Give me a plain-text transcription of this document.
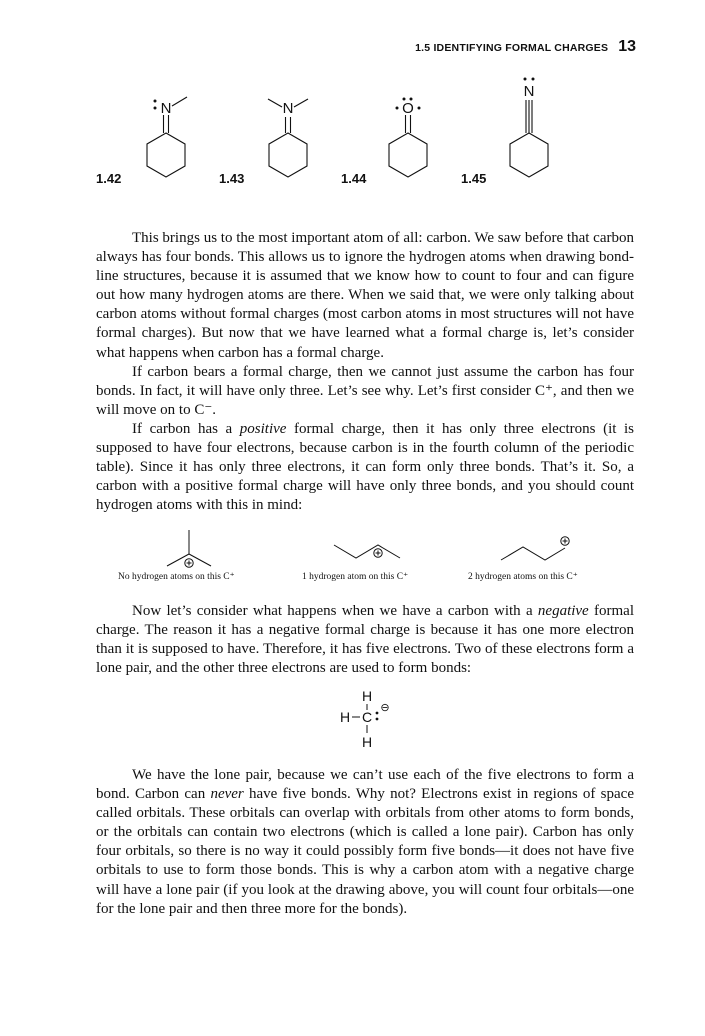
1.5 IDENTIFYING FORMAL CHARGES 13
1.42	1.43	1.44	1.45
N	N	O
N

This brings us to the most important atom of all: carbon. We saw before that carbon always has four bonds. This allows us to ignore the hydrogen atoms when drawing bond-line structures, because it is assumed that we know how to count to four and can figure out how many hydrogen atoms are there. When we said that, we were only talking about carbon atoms without formal charges (most carbon atoms in most structures will not have formal charges). But now that we have learned what a formal charge is, let’s consider what happens when carbon has a formal charge.

If carbon bears a formal charge, then we cannot just assume the carbon has four bonds. In fact, it will have only three. Let’s see why. Let’s first consider C⁺, and then we will move on to C⁻.

If carbon has a positive formal charge, then it has only three electrons (it is supposed to have four electrons, because carbon is in the fourth column of the periodic table). Since it has only three electrons, it can form only three bonds. That’s it. So, a carbon with a positive formal charge will have only three bonds, and you should count hydrogen atoms with this in mind:

No hydrogen atoms on this C⁺	1 hydrogen atom on this C⁺	2 hydrogen atoms on this C⁺

Now let’s consider what happens when we have a carbon with a negative formal charge. The reason it has a negative formal charge is because it has one more electron than it is supposed to have. Therefore, it has five electrons. Two of these electrons form a lone pair, and the other three electrons are used to form bonds:

H
H C
H
⊖

We have the lone pair, because we can’t use each of the five electrons to form a bond. Carbon can never have five bonds. Why not? Electrons exist in regions of space called orbitals. These orbitals can overlap with orbitals from other atoms to form bonds, or the orbitals can contain two electrons (which is called a lone pair). Carbon has only four orbitals, so there is no way it could possibly form five bonds—it does not have five orbitals to use to form those bonds. This is why a carbon atom with a negative charge will have a lone pair (if you look at the drawing above, you will count four orbitals—one for the lone pair and then three more for the bonds).
